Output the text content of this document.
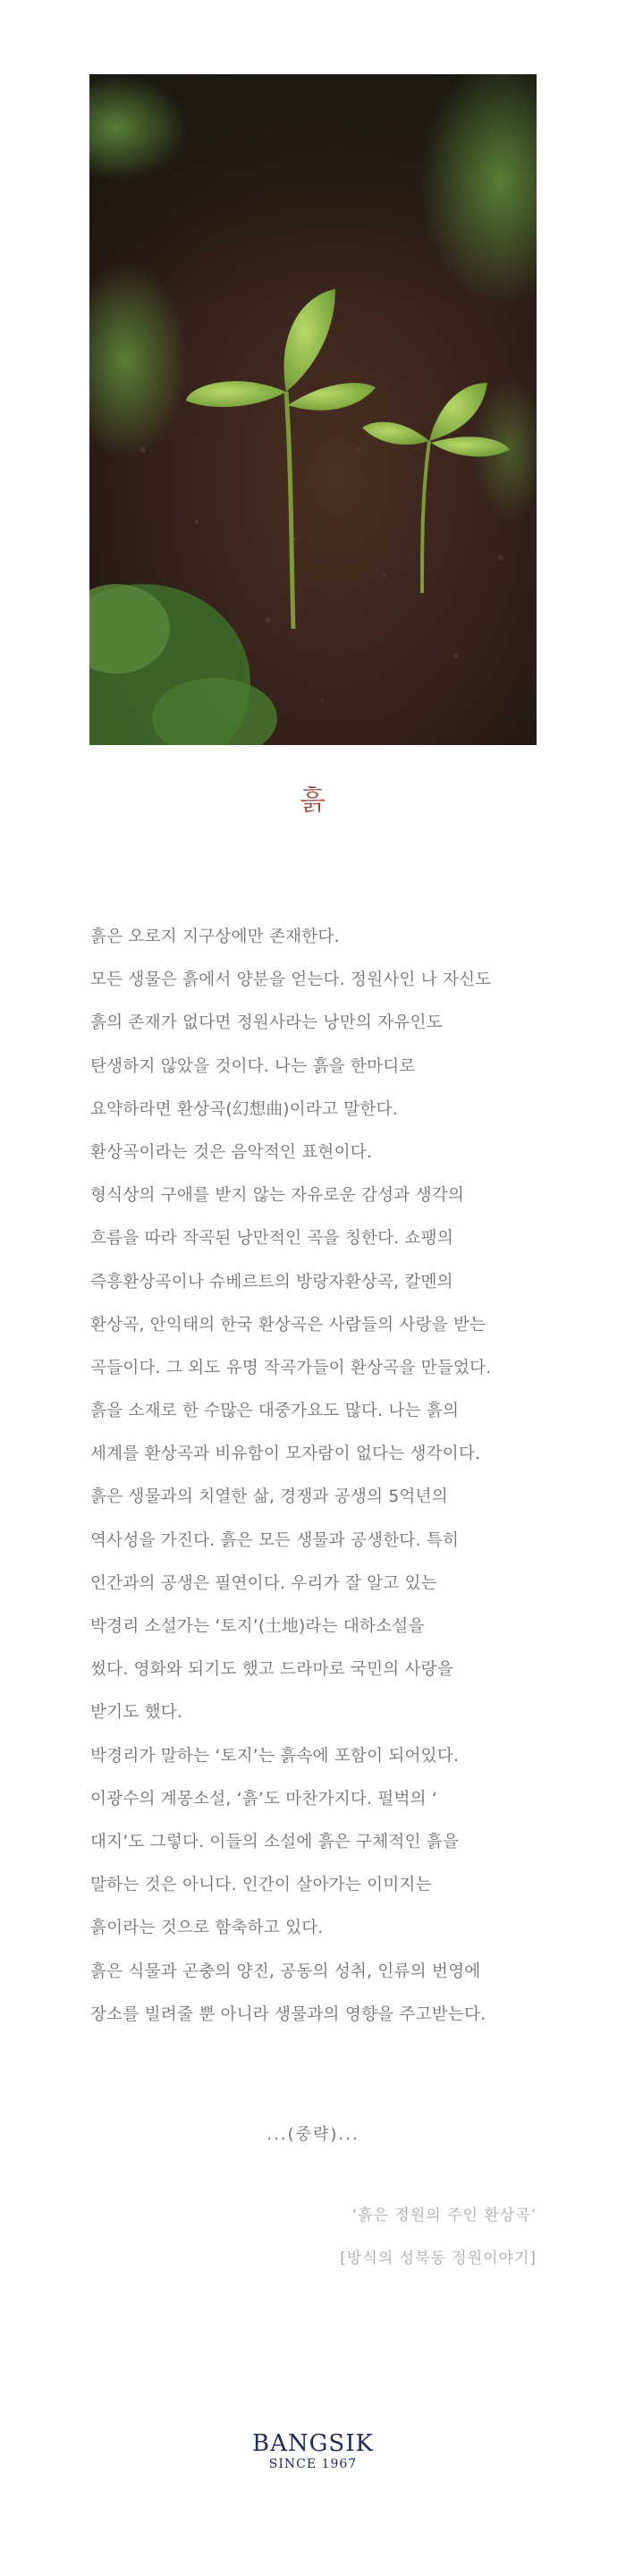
흙
흙은 오로지 지구상에만 존재한다.
모든 생물은 흙에서 양분을 얻는다. 정원사인 나 자신도
흙의 존재가 없다면 정원사라는 낭만의 자유인도
탄생하지 않았을 것이다. 나는 흙을 한마디로
요약하라면 환상곡(幻想曲)이라고 말한다.
환상곡이라는 것은 음악적인 표현이다.
형식상의 구애를 받지 않는 자유로운 감성과 생각의
흐름을 따라 작곡된 낭만적인 곡을 칭한다. 쇼팽의
즉흥환상곡이나 슈베르트의 방랑자환상곡, 칼멘의
환상곡, 안익태의 한국 환상곡은 사람들의 사랑을 받는
곡들이다. 그 외도 유명 작곡가들이 환상곡을 만들었다.
흙을 소재로 한 수많은 대중가요도 많다. 나는 흙의
세계를 환상곡과 비유함이 모자람이 없다는 생각이다.
흙은 생물과의 치열한 삶, 경쟁과 공생의 5억년의
역사성을 가진다. 흙은 모든 생물과 공생한다. 특히
인간과의 공생은 필연이다. 우리가 잘 알고 있는
박경리 소설가는 ‘토지’(土地)라는 대하소설을
썼다. 영화와 되기도 했고 드라마로 국민의 사랑을
받기도 했다.
박경리가 말하는 ‘토지’는 흙속에 포함이 되어있다.
이광수의 계몽소설, ‘흙’도 마찬가지다. 펄벅의 ‘
대지’도 그렇다. 이들의 소설에 흙은 구체적인 흙을
말하는 것은 아니다. 인간이 살아가는 이미지는
흙이라는 것으로 함축하고 있다.
흙은 식물과 곤충의 양진, 공동의 성취, 인류의 번영에
장소를 빌려줄 뿐 아니라 생물과의 영향을 주고받는다.
...(중략)...
‘흙은 정원의 주인 환상곡’
[방식의 성북동 정원이야기]
BANGSIK
SINCE 1967
